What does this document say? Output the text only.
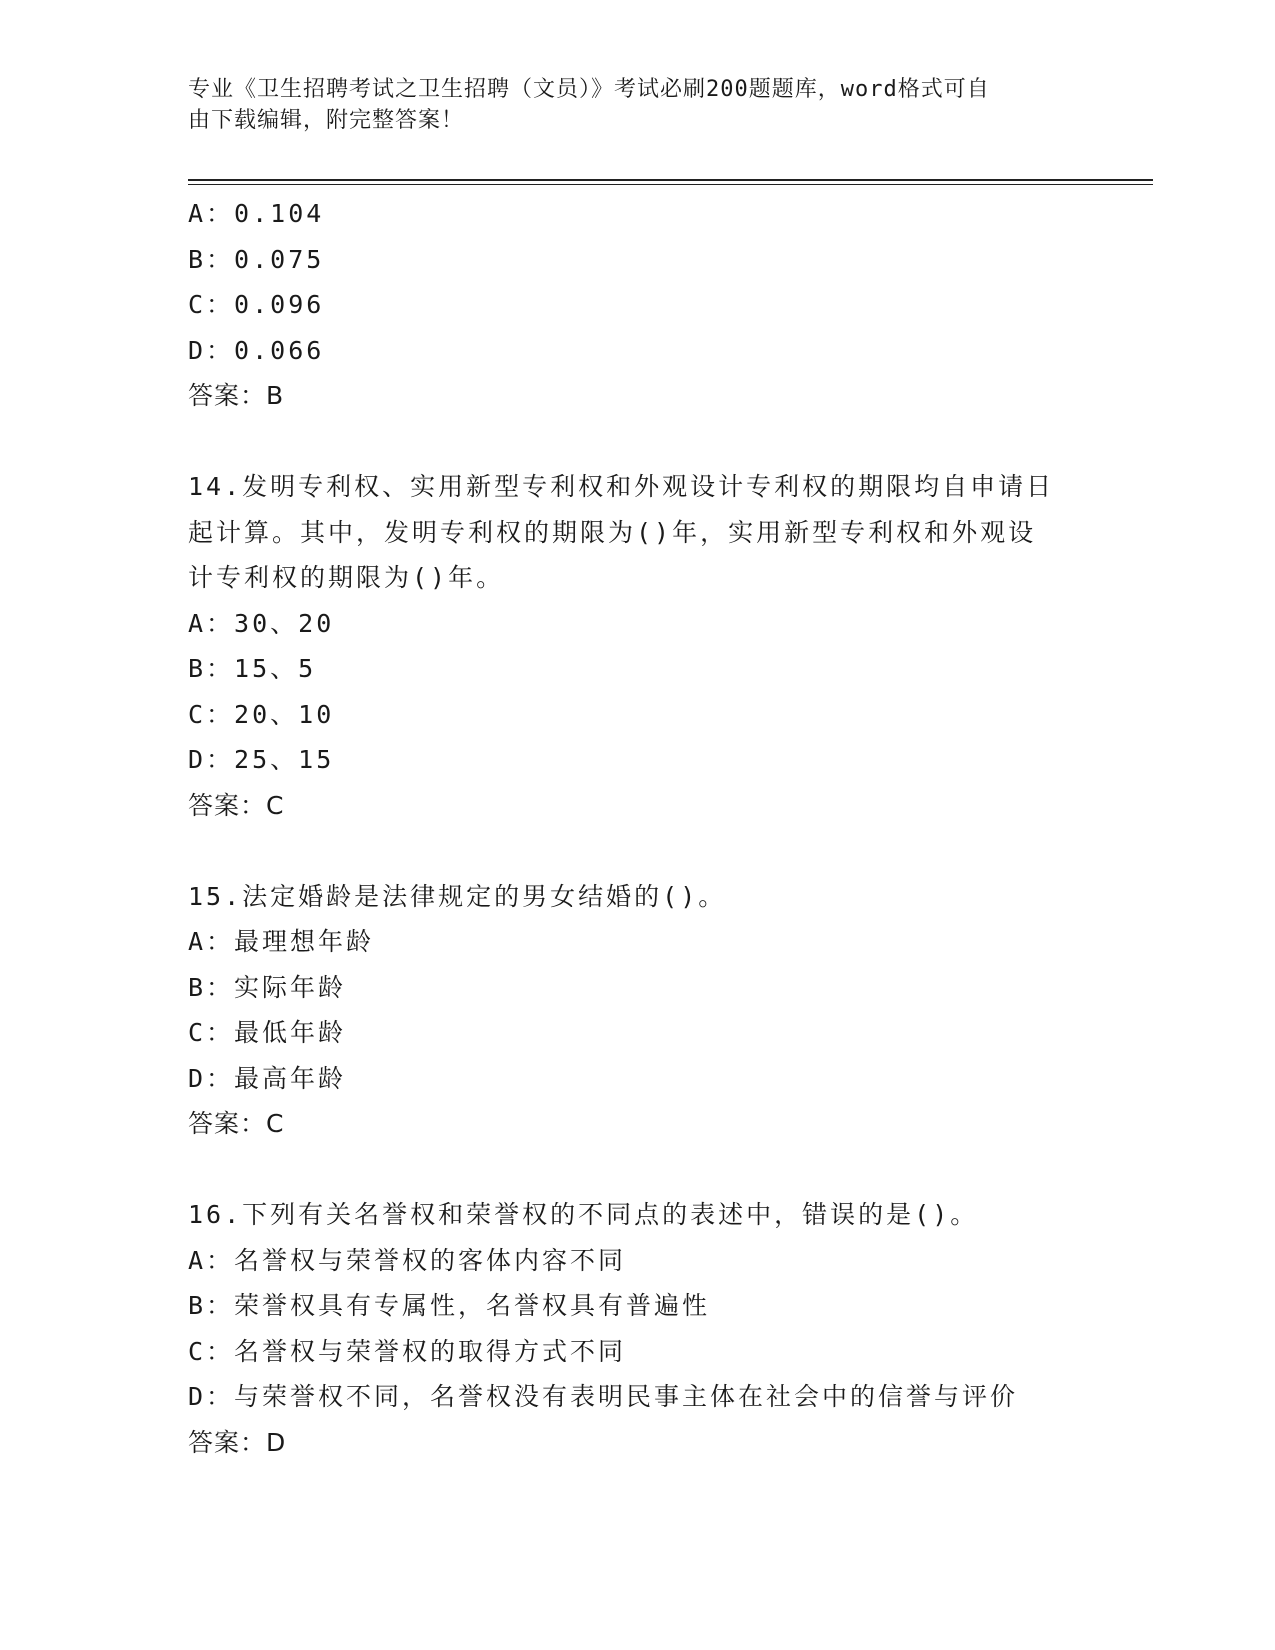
专业《卫生招聘考试之卫生招聘（文员）》考试必刷200题题库，word格式可自
由下载编辑，附完整答案！
A：0.104
B：0.075
C：0.096
D：0.066
答案：B
14.发明专利权、实用新型专利权和外观设计专利权的期限均自申请日
起计算。其中，发明专利权的期限为()年，实用新型专利权和外观设
计专利权的期限为()年。
A：30、20
B：15、5
C：20、10
D：25、15
答案：C
15.法定婚龄是法律规定的男女结婚的()。
A：最理想年龄
B：实际年龄
C：最低年龄
D：最高年龄
答案：C
16.下列有关名誉权和荣誉权的不同点的表述中，错误的是()。
A：名誉权与荣誉权的客体内容不同
B：荣誉权具有专属性，名誉权具有普遍性
C：名誉权与荣誉权的取得方式不同
D：与荣誉权不同，名誉权没有表明民事主体在社会中的信誉与评价
答案：D
